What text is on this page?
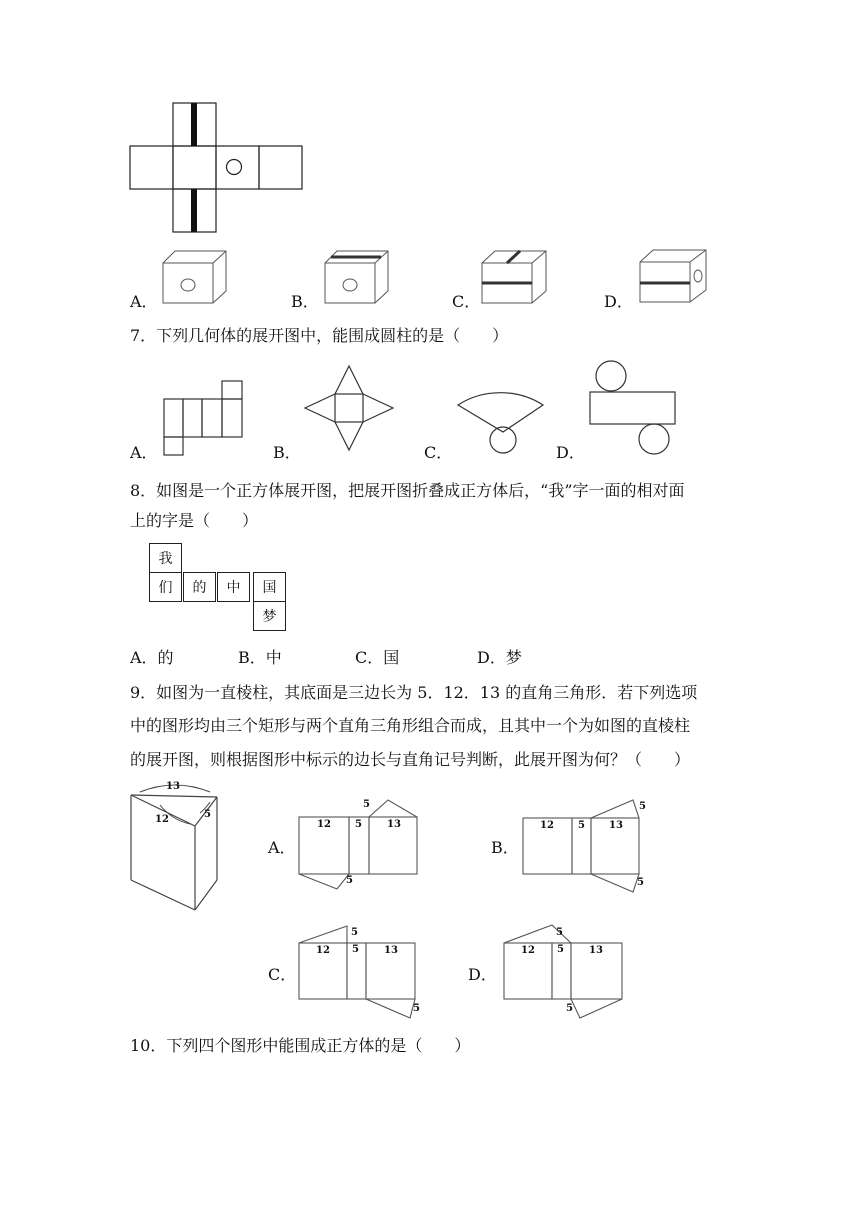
A．	B．	C．	D．
7．下列几何体的展开图中，能围成圆柱的是（　　）
A．	B．	C．	D．
8．如图是一个正方体展开图，把展开图折叠成正方体后，“我”字一面的相对面
上的字是（　　）
我
们	的	中	国
梦
A．的	B．中	C．国	D．梦
9．如图为一直棱柱，其底面是三边长为 5．12．13 的直角三角形．若下列选项
中的图形均由三个矩形与两个直角三角形组合而成，且其中一个为如图的直棱柱
的展开图，则根据图形中标示的边长与直角记号判断，此展开图为何？（　　）
13
12	5
12 5	13
5
5
12 5 13
5
5
12 5	13
5
5
12 5	13
5
5
A．	B．
C．	D．
10．下列四个图形中能围成正方体的是（　　）
